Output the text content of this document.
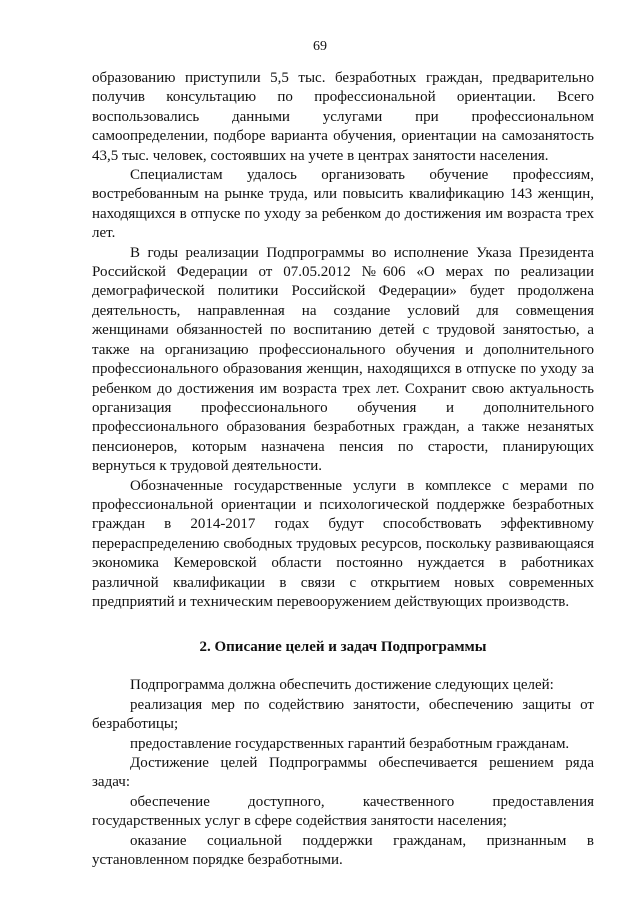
69

образованию приступили 5,5 тыс. безработных граждан, предварительно получив консультацию по профессиональной ориентации. Всего воспользовались данными услугами при профессиональном самоопределении, подборе варианта обучения, ориентации на самозанятость 43,5 тыс. человек, состоявших на учете в центрах занятости населения.

Специалистам удалось организовать обучение профессиям, востребованным на рынке труда, или повысить квалификацию 143 женщин, находящихся в отпуске по уходу за ребенком до достижения им возраста трех лет.

В годы реализации Подпрограммы во исполнение Указа Президента Российской Федерации от 07.05.2012 №606 «О мерах по реализации демографической политики Российской Федерации» будет продолжена деятельность, направленная на создание условий для совмещения женщинами обязанностей по воспитанию детей с трудовой занятостью, а также на организацию профессионального обучения и дополнительного профессионального образования женщин, находящихся в отпуске по уходу за ребенком до достижения им возраста трех лет. Сохранит свою актуальность организация профессионального обучения и дополнительного профессионального образования безработных граждан, а также незанятых пенсионеров, которым назначена пенсия по старости, планирующих вернуться к трудовой деятельности.

Обозначенные государственные услуги в комплексе с мерами по профессиональной ориентации и психологической поддержке безработных граждан в 2014-2017 годах будут способствовать эффективному перераспределению свободных трудовых ресурсов, поскольку развивающаяся экономика Кемеровской области постоянно нуждается в работниках различной квалификации в связи с открытием новых современных предприятий и техническим перевооружением действующих производств.

2. Описание целей и задач Подпрограммы

Подпрограмма должна обеспечить достижение следующих целей:

реализация мер по содействию занятости, обеспечению защиты от безработицы;

предоставление государственных гарантий безработным гражданам.

Достижение целей Подпрограммы обеспечивается решением ряда задач:

обеспечение доступного, качественного предоставления государственных услуг в сфере содействия занятости населения;

оказание социальной поддержки гражданам, признанным в установленном порядке безработными.
